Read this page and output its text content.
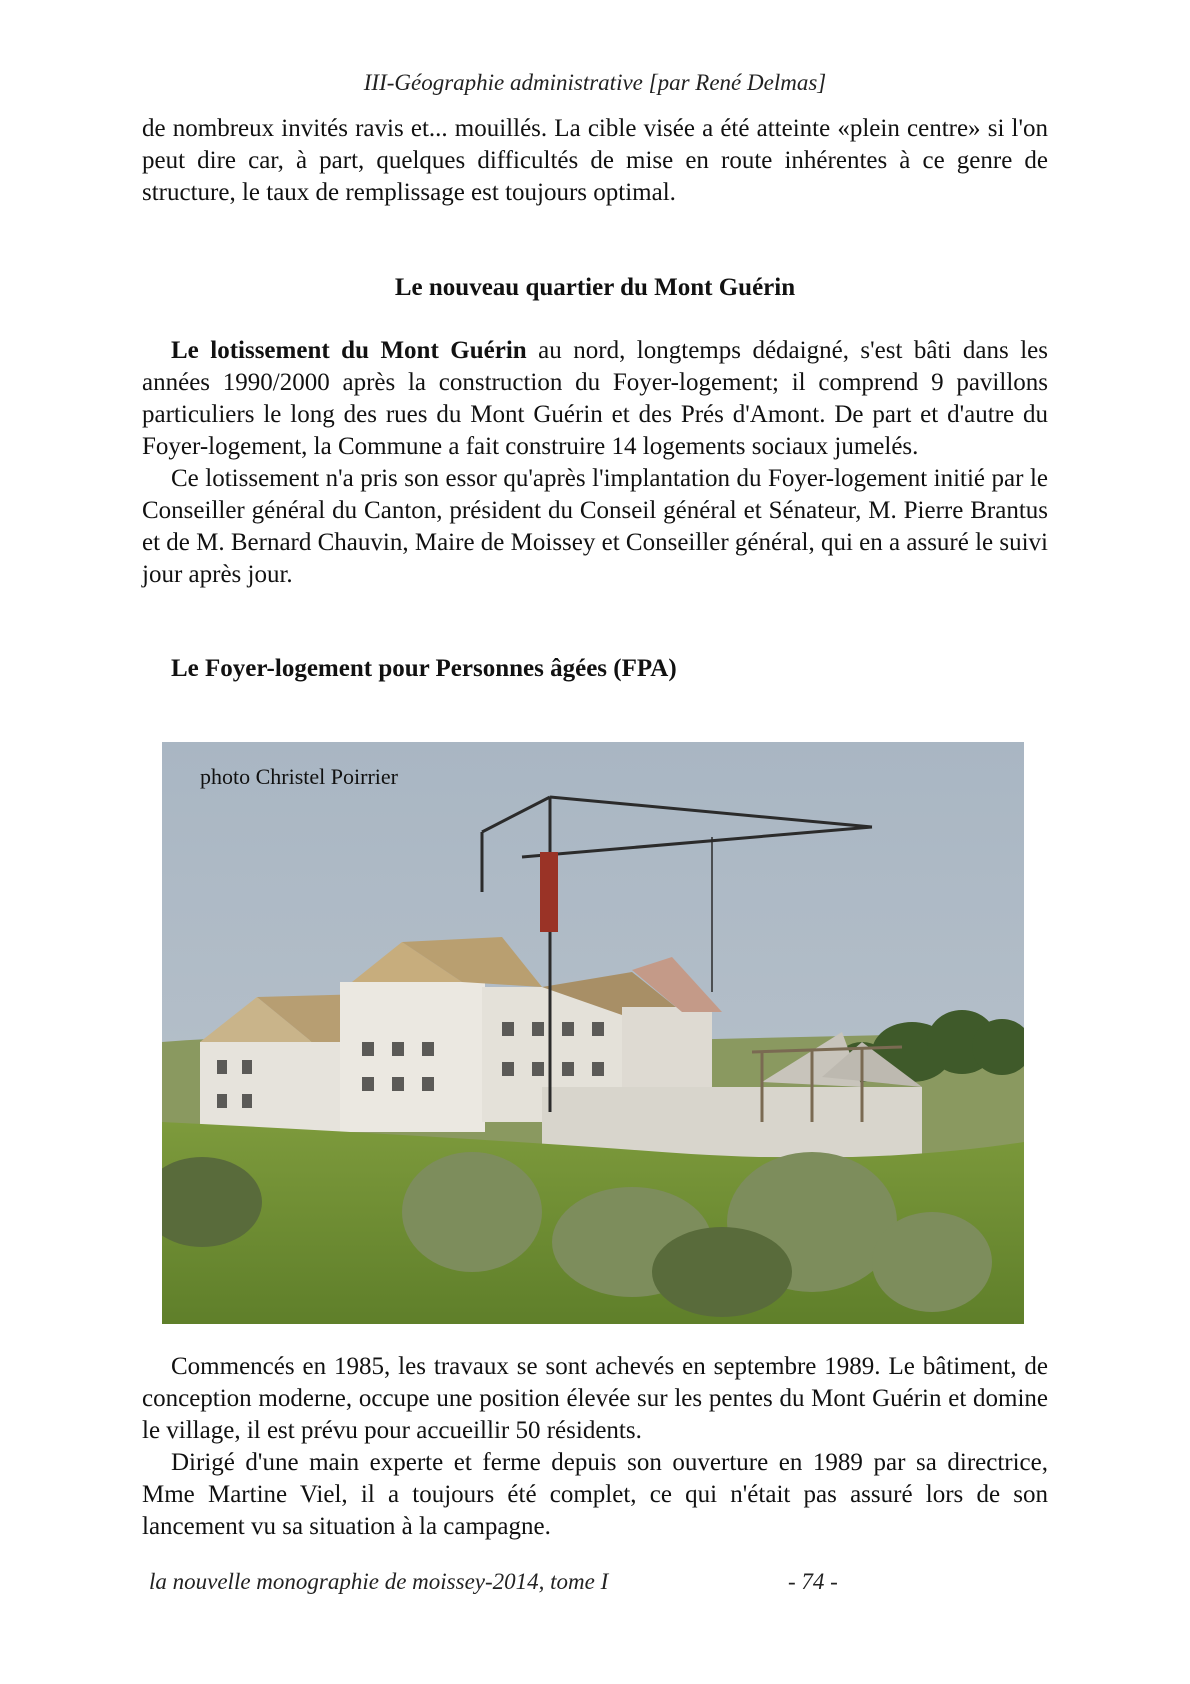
III-Géographie administrative [par René Delmas]

de nombreux invités ravis et... mouillés. La cible visée a été atteinte «plein centre» si l'on peut dire car, à part, quelques difficultés de mise en route inhérentes à ce genre de structure, le taux de remplissage est toujours optimal.

Le nouveau quartier du Mont Guérin

Le lotissement du Mont Guérin au nord, longtemps dédaigné, s'est bâti dans les années 1990/2000 après la construction du Foyer-logement; il comprend 9 pavillons particuliers le long des rues du Mont Guérin et des Prés d'Amont. De part et d'autre du Foyer-logement, la Commune a fait construire 14 logements sociaux jumelés.

Ce lotissement n'a pris son essor qu'après l'implantation du Foyer-logement initié par le Conseiller général du Canton, président du Conseil général et Sénateur, M. Pierre Brantus et de M. Bernard Chauvin, Maire de Moissey et Conseiller général, qui en a assuré le suivi jour après jour.

Le Foyer-logement pour Personnes âgées (FPA)
photo Christel Poirrier

Commencés en 1985, les travaux se sont achevés en septembre 1989. Le bâtiment, de conception moderne, occupe une position élevée sur les pentes du Mont Guérin et domine le village, il est prévu pour accueillir 50 résidents.

Dirigé d'une main experte et ferme depuis son ouverture en 1989 par sa directrice, Mme Martine Viel, il a toujours été complet, ce qui n'était pas assuré lors de son lancement vu sa situation à la campagne.

la nouvelle monographie de moissey-2014, tome I	- 74 -
